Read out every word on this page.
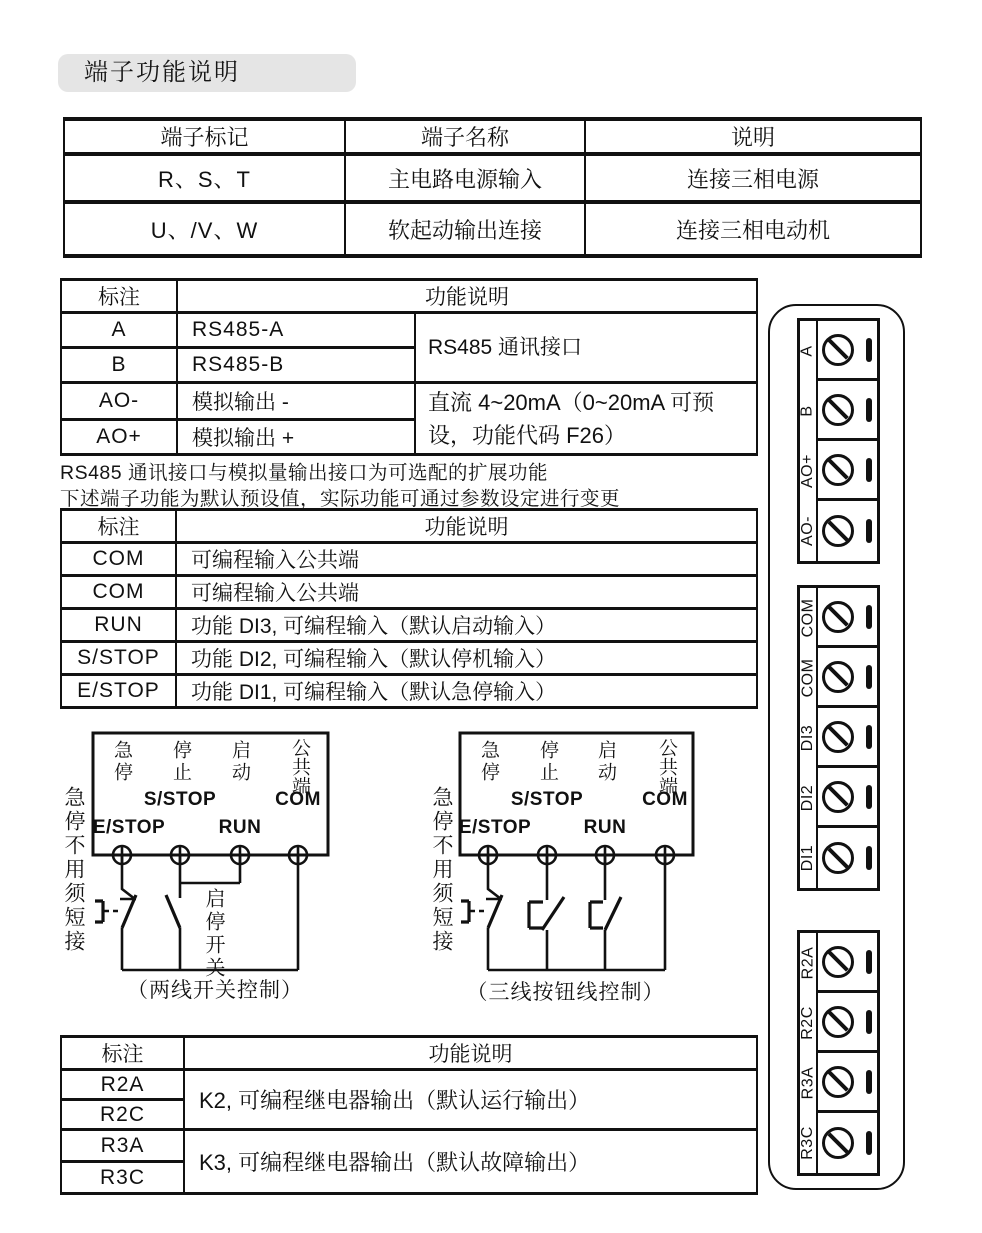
端子功能说明
端子标记	端子名称	说明
R、S、T	主电路电源输入	连接三相电源
U、/V、W	软起动输出连接	连接三相电动机
标注	功能说明	
A	RS485-A	RS485 通讯接口
B	RS485-B	
AO-	模拟输出 -	直流 4~20mA（0~20mA 可预设，功能代码 F26）
AO+	模拟输出 +	
RS485 通讯接口与模拟量输出接口为可选配的扩展功能
下述端子功能为默认预设值，实际功能可通过参数设定进行变更
标注	功能说明
COM	可编程输入公共端
COM	可编程输入公共端
RUN	功能 DI3, 可编程输入（默认启动输入）
S/STOP	功能 DI2, 可编程输入（默认停机输入）
E/STOP	功能 DI1, 可编程输入（默认急停输入）
急停 停止 启动 公共端
S/STOP	COM
E/STOP	RUN
急停不用须短接	启停开关
（两线开关控制）
急停 停止 启动 公共端
S/STOP	COM
E/STOP	RUN
急停不用须短接
（三线按钮线控制）
标注	功能说明
R2A	K2, 可编程继电器输出（默认运行输出）
R2C	
R3A	K3, 可编程继电器输出（默认故障输出）
R3C	
A
B
AO+
AO-
COM
COM
DI3
DI2
DI1
R2A
R2C
R3A
R3C
